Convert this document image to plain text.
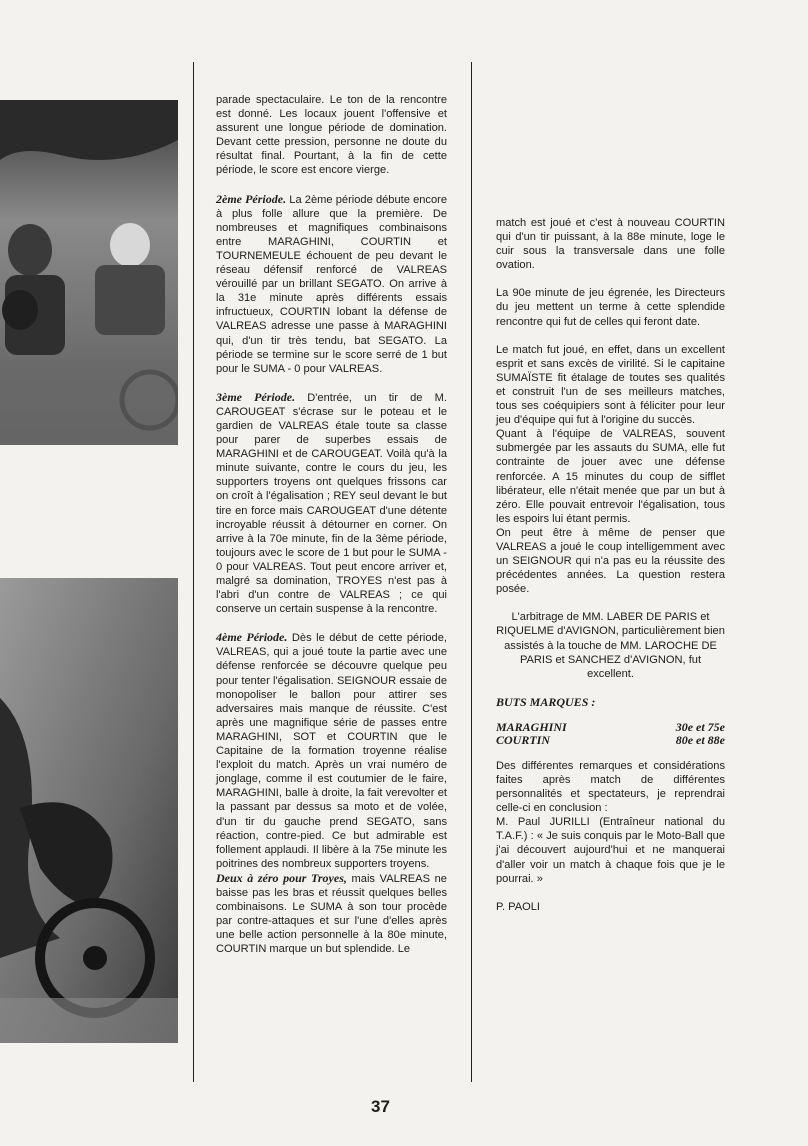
parade spectaculaire. Le ton de la rencontre est donné. Les locaux jouent l'offensive et assurent une longue période de domination. Devant cette pression, personne ne doute du résultat final. Pourtant, à la fin de cette période, le score est encore vierge.

2ème Période. La 2ème période débute encore à plus folle allure que la première. De nombreuses et magnifiques combinaisons entre MARAGHINI, COURTIN et TOURNEMEULE échouent de peu devant le réseau défensif renforcé de VALREAS vérouillé par un brillant SEGATO. On arrive à la 31e minute après différents essais infructueux, COURTIN lobant la défense de VALREAS adresse une passe à MARAGHINI qui, d'un tir très tendu, bat SEGATO. La période se termine sur le score serré de 1 but pour le SUMA - 0 pour VALREAS.

3ème Période. D'entrée, un tir de M. CAROUGEAT s'écrase sur le poteau et le gardien de VALREAS étale toute sa classe pour parer de superbes essais de MARAGHINI et de CAROUGEAT. Voilà qu'à la minute suivante, contre le cours du jeu, les supporters troyens ont quelques frissons car on croît à l'égalisation ; REY seul devant le but tire en force mais CAROUGEAT d'une détente incroyable réussit à détourner en corner. On arrive à la 70e minute, fin de la 3ème période, toujours avec le score de 1 but pour le SUMA - 0 pour VALREAS. Tout peut encore arriver et, malgré sa domination, TROYES n'est pas à l'abri d'un contre de VALREAS ; ce qui conserve un certain suspense à la rencontre.

4ème Période. Dès le début de cette période, VALREAS, qui a joué toute la partie avec une défense renforcée se découvre quelque peu pour tenter l'égalisation. SEIGNOUR essaie de monopoliser le ballon pour attirer ses adversaires mais manque de réussite. C'est après une magnifique série de passes entre MARAGHINI, SOT et COURTIN que le Capitaine de la formation troyenne réalise l'exploit du match. Après un vrai numéro de jonglage, comme il est coutumier de le faire, MARAGHINI, balle à droite, la fait verevolter et la passant par dessus sa moto et de volée, d'un tir du gauche prend SEGATO, sans réaction, contre-pied. Ce but admirable est follement applaudi. Il libère à la 75e minute les poitrines des nombreux supporters troyens.

Deux à zéro pour Troyes, mais VALREAS ne baisse pas les bras et réussit quelques belles combinaisons. Le SUMA à son tour procède par contre-attaques et sur l'une d'elles après une belle action personnelle à la 80e minute, COURTIN marque un but splendide. Le

match est joué et c'est à nouveau COURTIN qui d'un tir puissant, à la 88e minute, loge le cuir sous la transversale dans une folle ovation.

La 90e minute de jeu égrenée, les Directeurs du jeu mettent un terme à cette splendide rencontre qui fut de celles qui feront date.

Le match fut joué, en effet, dans un excellent esprit et sans excès de virilité. Si le capitaine SUMAÏSTE fit étalage de toutes ses qualités et construit l'un de ses meilleurs matches, tous ses coéquipiers sont à féliciter pour leur jeu d'équipe qui fut à l'origine du succès.

Quant à l'équipe de VALREAS, souvent submergée par les assauts du SUMA, elle fut contrainte de jouer avec une défense renforcée. A 15 minutes du coup de sifflet libérateur, elle n'était menée que par un but à zéro. Elle pouvait entrevoir l'égalisation, tous les espoirs lui étant permis.

On peut être à même de penser que VALREAS a joué le coup intelligemment avec un SEIGNOUR qui n'a pas eu la réussite des précédentes années. La question restera posée.

L'arbitrage de MM. LABER DE PARIS et RIQUELME d'AVIGNON, particulièrement bien assistés à la touche de MM. LAROCHE DE PARIS et SANCHEZ d'AVIGNON, fut excellent.

BUTS MARQUES :
MARAGHINI	30e et 75e
COURTIN	80e et 88e

Des différentes remarques et considérations faites après match de différentes personnalités et spectateurs, je reprendrai celle-ci en conclusion :

M. Paul JURILLI (Entraîneur national du T.A.F.) : « Je suis conquis par le Moto-Ball que j'ai découvert aujourd'hui et ne manquerai d'aller voir un match à chaque fois que je le pourrai. »

P. PAOLI
37
